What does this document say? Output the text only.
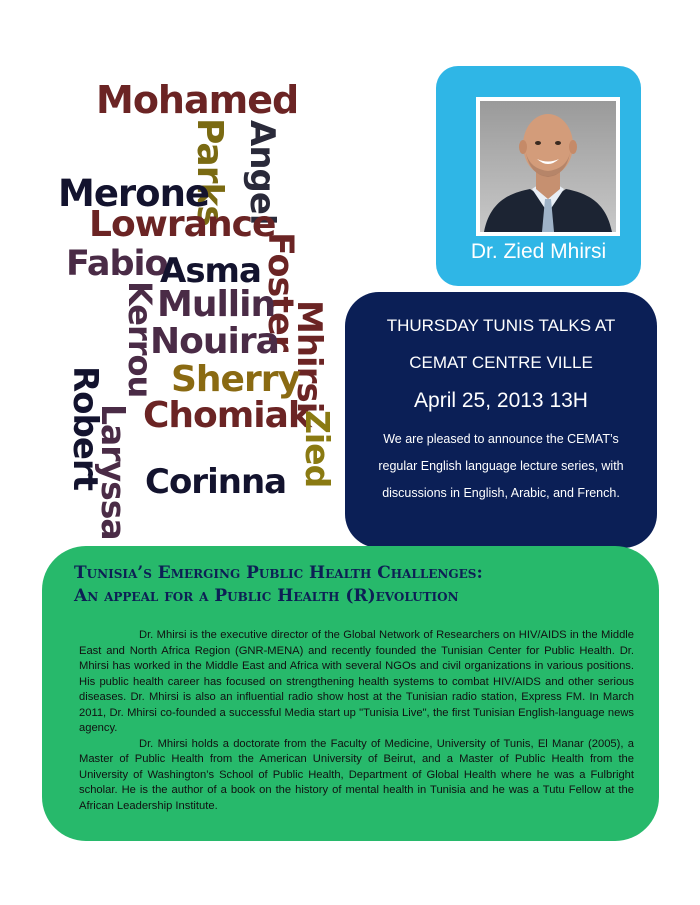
Mohamed
Parks Angel
Merone
Lowrance
Foster
Fabio
Asma
Kerrou
Mullin Mhirsi
Nouira
Robert Sherry
Chomiak
Zied
Laryssa Corinna
Dr. Zied Mhirsi
THURSDAY TUNIS TALKS AT
CEMAT CENTRE VILLE
April 25, 2013 13H
We are pleased to announce the CEMAT’s
regular English language lecture series, with
discussions in English, Arabic, and French.
Tunisia’s Emerging Public Health Challenges:
An appeal for a Public Health (R)evolution

Dr. Mhirsi is the executive director of the Global Network of Researchers on HIV/AIDS in the Middle East and North Africa Region (GNR-MENA) and recently founded the Tunisian Center for Public Health. Dr. Mhirsi has worked in the Middle East and Africa with several NGOs and civil organizations in various positions. His public health career has focused on strengthening health systems to combat HIV/AIDS and other serious diseases. Dr. Mhirsi is also an influential radio show host at the Tunisian radio station, Express FM. In March 2011, Dr. Mhirsi co-founded a successful Media start up "Tunisia Live", the first Tunisian English-language news agency.

Dr. Mhirsi holds a doctorate from the Faculty of Medicine, University of Tunis, El Manar (2005), a Master of Public Health from the American University of Beirut, and a Master of Public Health from the University of Washington’s School of Public Health, Department of Global Health where he was a Fulbright scholar. He is the author of a book on the history of mental health in Tunisia and he was a Tutu Fellow at the African Leadership Institute.
